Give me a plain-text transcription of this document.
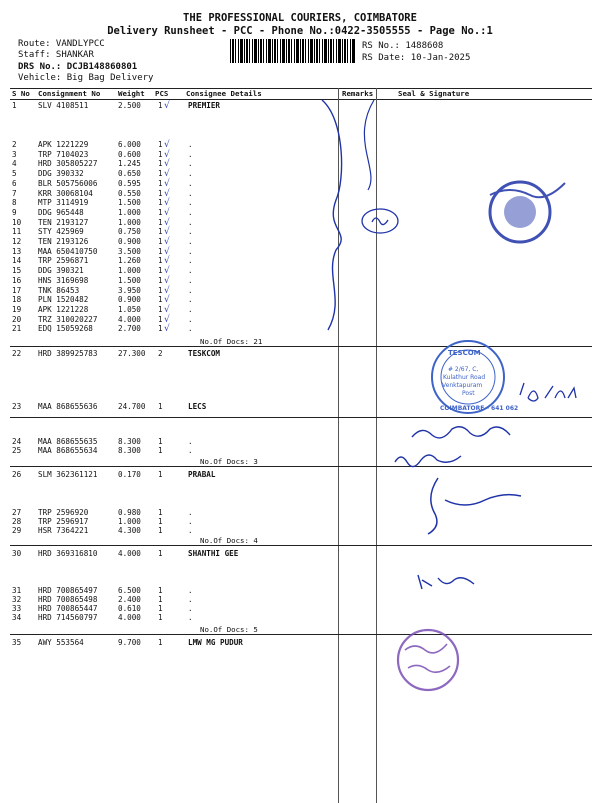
THE PROFESSIONAL COURIERS, COIMBATORE
Delivery Runsheet - PCC - Phone No.:0422-3505555 - Page No.:1
Route: VANDLYPCC
Staff: SHANKAR
DRS No.: DCJB148860801
Vehicle: Big Bag Delivery
RS No.: 1488608
RS Date: 10-Jan-2025
S No Consignment No Weight PCS Consignee Details	Remarks	Seal & Signature
1	SLV 4108511	2.500 1	PREMIER
√
2	APK 1221229	6.000 1	.
√
3	TRP 7104023	0.600 1	.
√
4	HRD 305805227	1.245 1	.
√
5	DDG 390332	0.650 1	.
√
6	BLR 505756006	0.595 1	.
√
7	KRR 30068104	0.550 1	.
√
8	MTP 3114919	1.500 1	.
√
9	DDG 965448	1.000 1	.
√
10 TEN 2193127	1.000 1	.
√
11 STY 425969	0.750 1	.
√
12 TEN 2193126	0.900 1	.
√
13 MAA 650410750	3.500 1	.
√
14 TRP 2596871	1.260 1	.
√
15 DDG 390321	1.000 1	.
√
16 HNS 3169698	1.500 1	.
√
17 TNK 86453	3.950 1	.
√
18 PLN 1520482	0.900 1	.
√
19 APK 1221228	1.050 1	.
√
20 TRZ 310020227	4.000 1	.
√
21 EDQ 15059268	2.700 1	.
√
22 HRD 389925783	27.300 2	TESKCOM
23 MAA 868655636	24.700 1	LECS
24 MAA 868655635	8.300 1	.
25 MAA 868655634	8.300 1	.
26 SLM 362361121	0.170 1	PRABAL
27 TRP 2596920	0.980 1	.
28 TRP 2596917	1.000 1	.
29 HSR 7364221	4.300 1	.
30 HRD 369316810	4.000 1	SHANTHI GEE
31 HRD 700865497	6.500 1	.
32 HRD 700865498	2.400 1	.
33 HRD 700865447	0.610 1	.
34 HRD 714560797	4.000 1	.
35 AWY 553564	9.700 1	LMW MG PUDUR
No.Of Docs: 21
No.Of Docs: 3
No.Of Docs: 4
No.Of Docs: 5
TESCOM
# 2/67, C,
Kulathur Road
Venktapuram
Post
COIMBATORE - 641 062
